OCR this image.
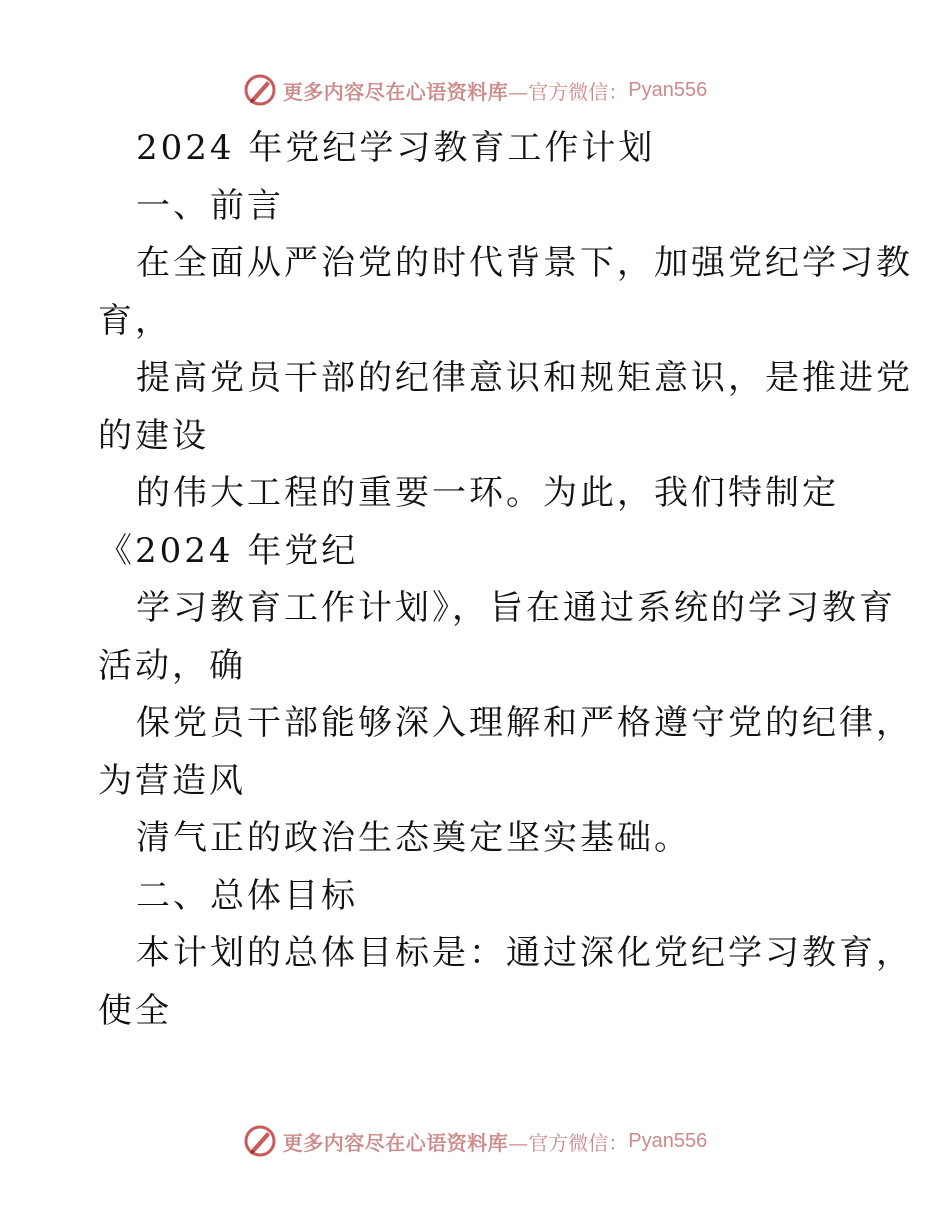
更多内容尽在心语资料库 —官方微信： Pyan556
2024 年党纪学习教育工作计划
一、前言
在全面从严治党的时代背景下，加强党纪学习教
育，
提高党员干部的纪律意识和规矩意识，是推进党
的建设
的伟大工程的重要一环。为此，我们特制定
《2024 年党纪
学习教育工作计划》，旨在通过系统的学习教育
活动，确
保党员干部能够深入理解和严格遵守党的纪律，
为营造风
清气正的政治生态奠定坚实基础。
二、总体目标
本计划的总体目标是：通过深化党纪学习教育，
使全
更多内容尽在心语资料库 —官方微信： Pyan556
